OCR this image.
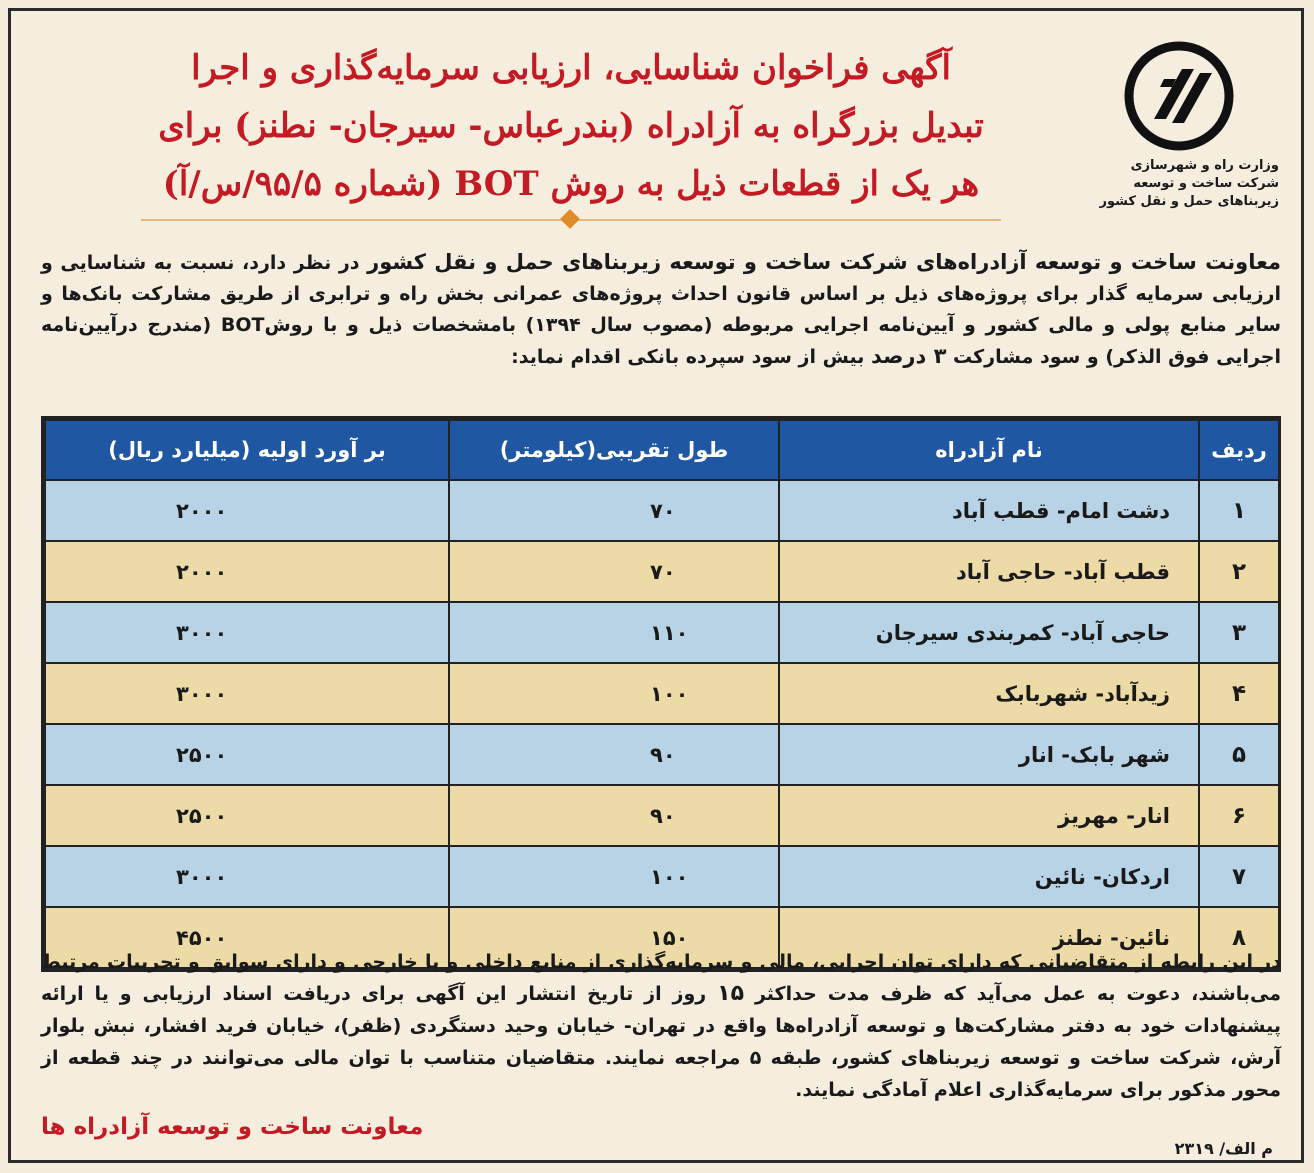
وزارت راه و شهرسازی
شرکت ساخت و توسعه
زیربناهای حمل و نقل کشور
آگهی فراخوان شناسایی، ارزیابی سرمایه‌گذاری و اجرا
تبدیل بزرگراه به آزادراه (بندرعباس- سیرجان- نطنز) برای
هر یک از قطعات ذیل به روش BOT (شماره ۹۵/۵/س/آ)
معاونت ساخت و توسعه آزادراه‌های شرکت ساخت و توسعه زیربناهای حمل و نقل کشور در نظر دارد، نسبت به شناسایی و ارزیابی سرمایه گذار برای پروژه‌های ذیل بر اساس قانون احداث پروژه‌های عمرانی بخش راه و ترابری از طریق مشارکت بانک‌ها و سایر منابع پولی و مالی کشور و آیین‌نامه اجرایی مربوطه (مصوب سال ۱۳۹۴) بامشخصات ذیل و با روشBOT (مندرج درآیین‌نامه اجرایی فوق الذکر) و سود مشارکت ۳ درصد بیش از سود سپرده بانکی اقدام نماید:
ردیف	نام آزادراه	طول تقریبی(کیلومتر)	بر آورد اولیه (میلیارد ریال)
۱	دشت امام- قطب آباد	۷۰	۲۰۰۰
۲	قطب آباد- حاجی آباد	۷۰	۲۰۰۰
۳	حاجی آباد- کمربندی سیرجان	۱۱۰	۳۰۰۰
۴	زیدآباد- شهربابک	۱۰۰	۳۰۰۰
۵	شهر بابک- انار	۹۰	۲۵۰۰
۶	انار- مهریز	۹۰	۲۵۰۰
۷	اردکان- نائین	۱۰۰	۳۰۰۰
۸	نائین- نطنز	۱۵۰	۴۵۰۰
در این رابطه از متقاضیانی که دارای توان اجرایی، مالی و سرمایه‌گذاری از منابع داخلی و یا خارجی و دارای سوابق و تجربیات مرتبط می‌باشند، دعوت به عمل می‌آید که ظرف مدت حداکثر ۱۵ روز از تاریخ انتشار این آگهی برای دریافت اسناد ارزیابی و یا ارائه پیشنهادات خود به دفتر مشارکت‌ها و توسعه آزادراه‌ها واقع در تهران- خیابان وحید دستگردی (ظفر)، خیابان فرید افشار، نبش بلوار آرش، شرکت ساخت و توسعه زیربناهای کشور، طبقه ۵ مراجعه نمایند. متقاضیان متناسب با توان مالی می‌توانند در چند قطعه از محور مذکور برای سرمایه‌گذاری اعلام آمادگی نمایند.
معاونت ساخت و توسعه آزادراه ها
م الف/ ۲۳۱۹
